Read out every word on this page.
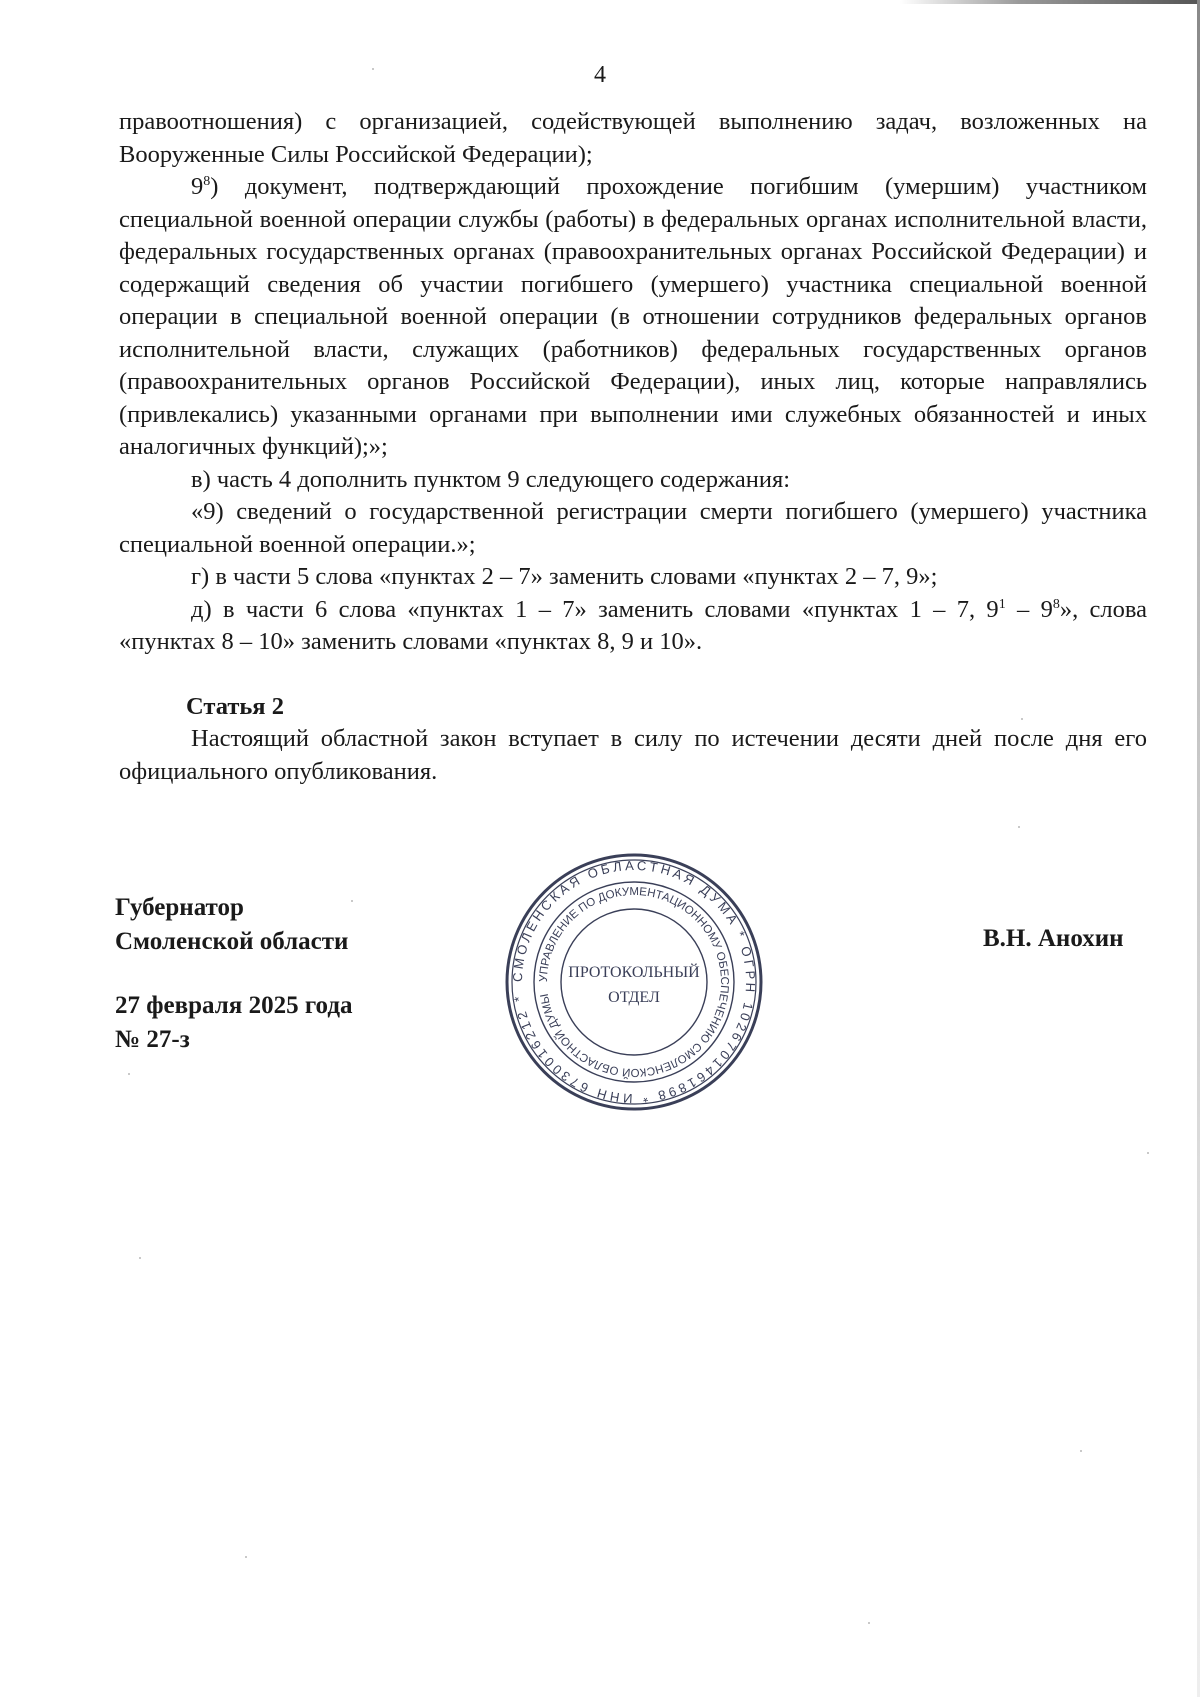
4

правоотношения) с организацией, содействующей выполнению задач, возложенных на Вооруженные Силы Российской Федерации);

$9^8$) документ, подтверждающий прохождение погибшим (умершим) участником специальной военной операции службы (работы) в федеральных органах исполнительной власти, федеральных государственных органах (правоохранительных органах Российской Федерации) и содержащий сведения об участии погибшего (умершего) участника специальной военной операции в специальной военной операции (в отношении сотрудников федеральных органов исполнительной власти, служащих (работников) федеральных государственных органов (правоохранительных органов Российской Федерации), иных лиц, которые направлялись (привлекались) указанными органами при выполнении ими служебных обязанностей и иных аналогичных функций);»;

в) часть 4 дополнить пунктом 9 следующего содержания:

«9) сведений о государственной регистрации смерти погибшего (умершего) участника специальной военной операции.»;

г) в части 5 слова «пунктах 2 – 7» заменить словами «пунктах 2 – 7, 9»;

д) в части 6 слова «пунктах 1 – 7» заменить словами «пунктах 1 – 7, $9^1 - 9^8$», слова «пунктах 8 – 10» заменить словами «пунктах 8, 9 и 10».

Статья 2

Настоящий областной закон вступает в силу по истечении десяти дней после дня его официального опубликования.

Губернатор
Смоленской области
27 февраля 2025 года
№ 27-з
В.Н. Анохин
СМОЛЕНСКАЯ ОБЛАСТНАЯ ДУМА * ОГРН 1026701461898 * ИНН 6730016212 *
УПРАВЛЕНИЕ ПО ДОКУМЕНТАЦИОННОМУ ОБЕСПЕЧЕНИЮ СМОЛЕНСКОЙ ОБЛАСТНОЙ ДУМЫ
ПРОТОКОЛЬНЫЙ
ОТДЕЛ
